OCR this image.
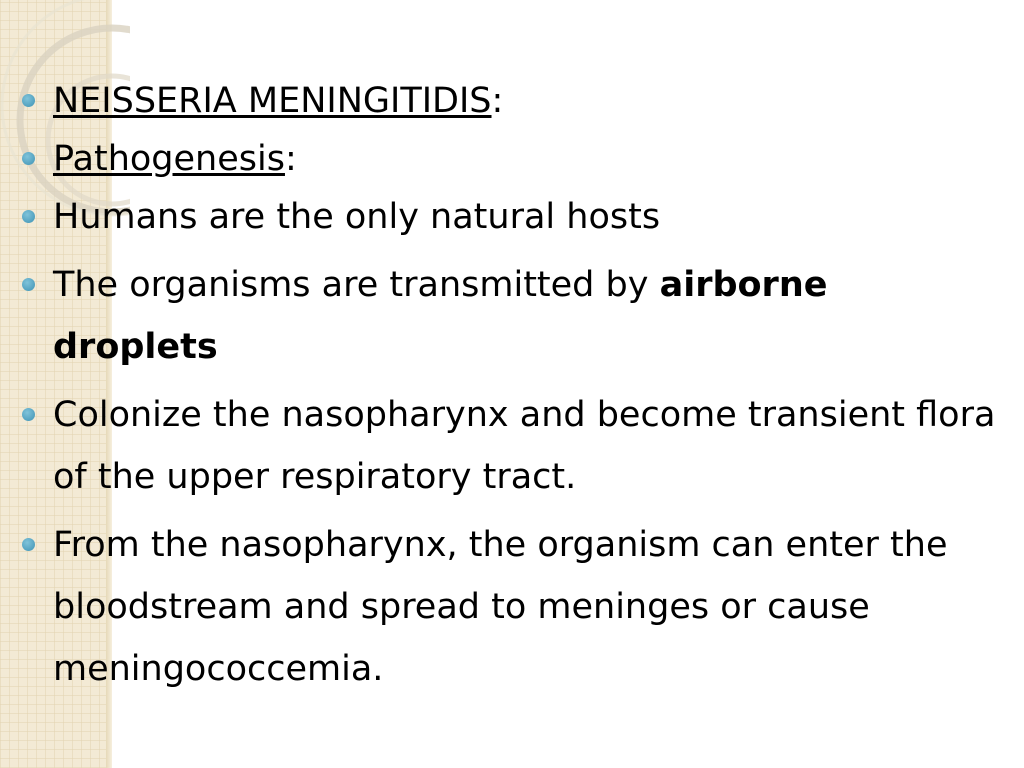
NEISSERIA MENINGITIDIS:
Pathogenesis:
Humans are the only natural hosts
The organisms are transmitted by airborne droplets
Colonize the nasopharynx and become transient flora of the upper respiratory tract.
From the nasopharynx, the organism can enter the bloodstream and spread to meninges or cause meningococcemia.
